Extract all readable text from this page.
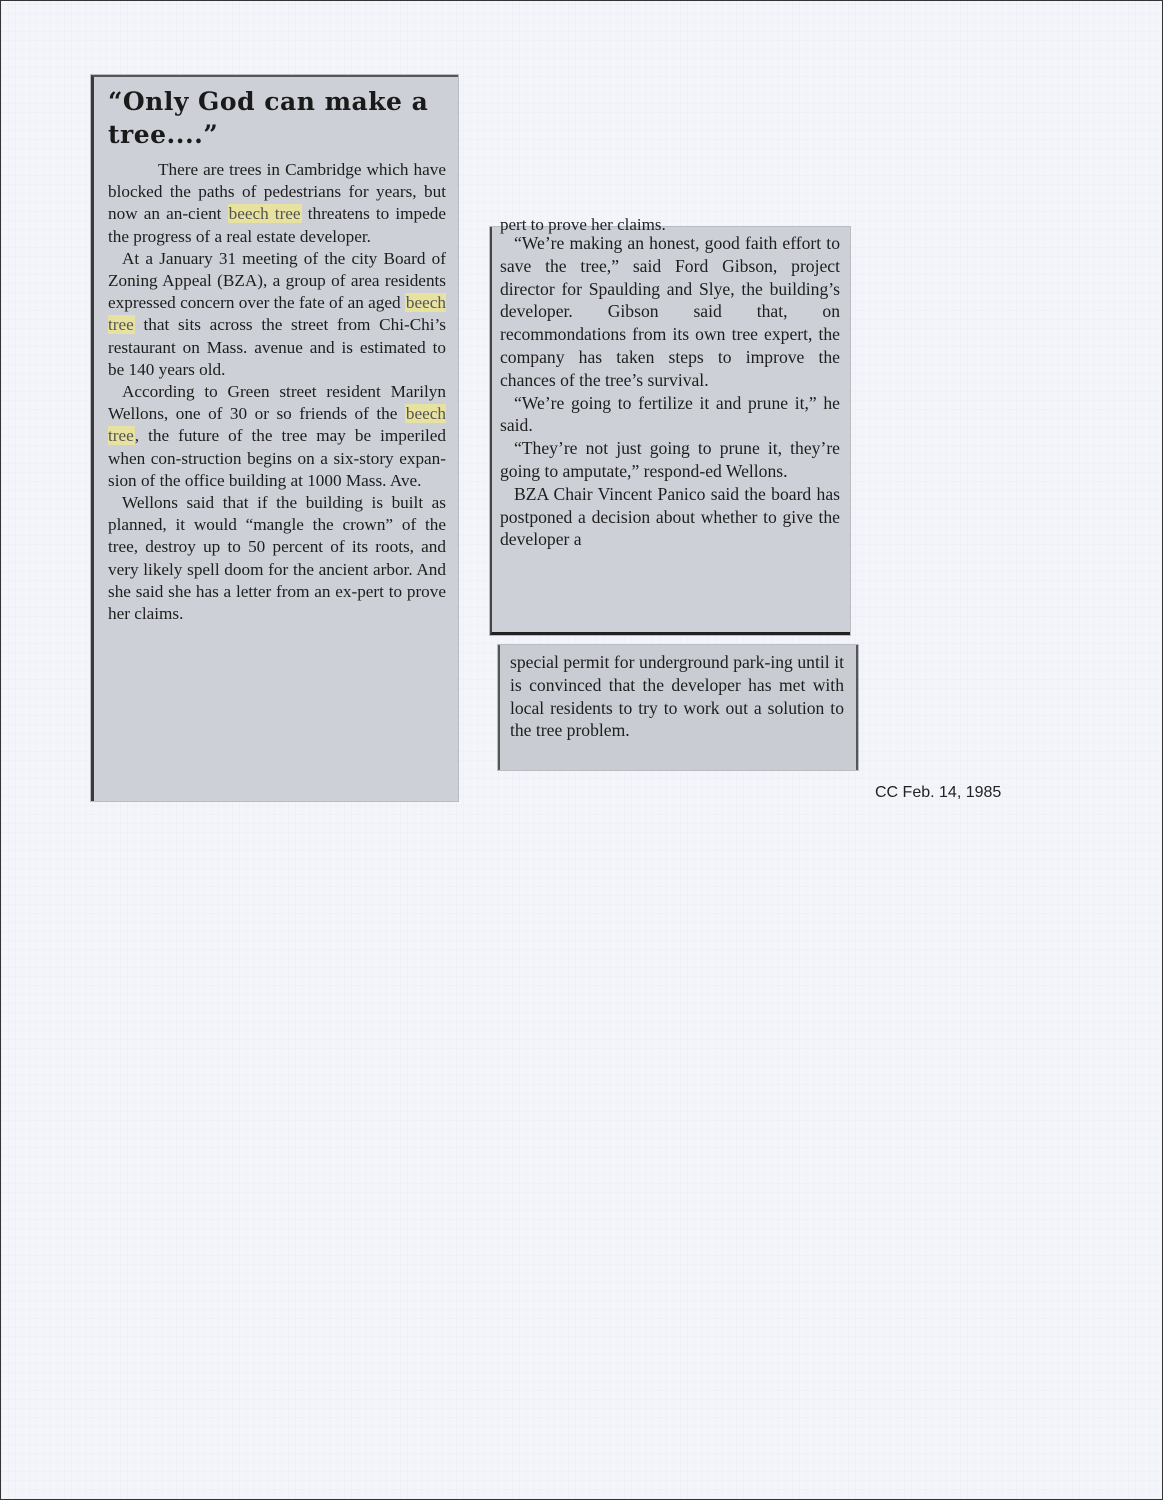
“Only God can make a tree....”

There are trees in Cambridge which have blocked the paths of pedestrians for years, but now an an-cient beech tree threatens to impede the progress of a real estate developer.

At a January 31 meeting of the city Board of Zoning Appeal (BZA), a group of area residents expressed concern over the fate of an aged beech tree that sits across the street from Chi-Chi’s restaurant on Mass. avenue and is estimated to be 140 years old.

According to Green street resident Marilyn Wellons, one of 30 or so friends of the beech tree, the future of the tree may be imperiled when con-struction begins on a six-story expan-sion of the office building at 1000 Mass. Ave.

Wellons said that if the building is built as planned, it would “mangle the crown” of the tree, destroy up to 50 percent of its roots, and very likely spell doom for the ancient arbor. And she said she has a letter from an ex-pert to prove her claims.

pert to prove her claims.

“We’re making an honest, good faith effort to save the tree,” said Ford Gibson, project director for Spaulding and Slye, the building’s developer. Gibson said that, on recommondations from its own tree expert, the company has taken steps to improve the chances of the tree’s survival.

“We’re going to fertilize it and prune it,” he said.

“They’re not just going to prune it, they’re going to amputate,” respond-ed Wellons.

BZA Chair Vincent Panico said the board has postponed a decision about whether to give the developer a

special permit for underground park-ing until it is convinced that the developer has met with local residents to try to work out a solution to the tree problem.

CC Feb. 14, 1985
